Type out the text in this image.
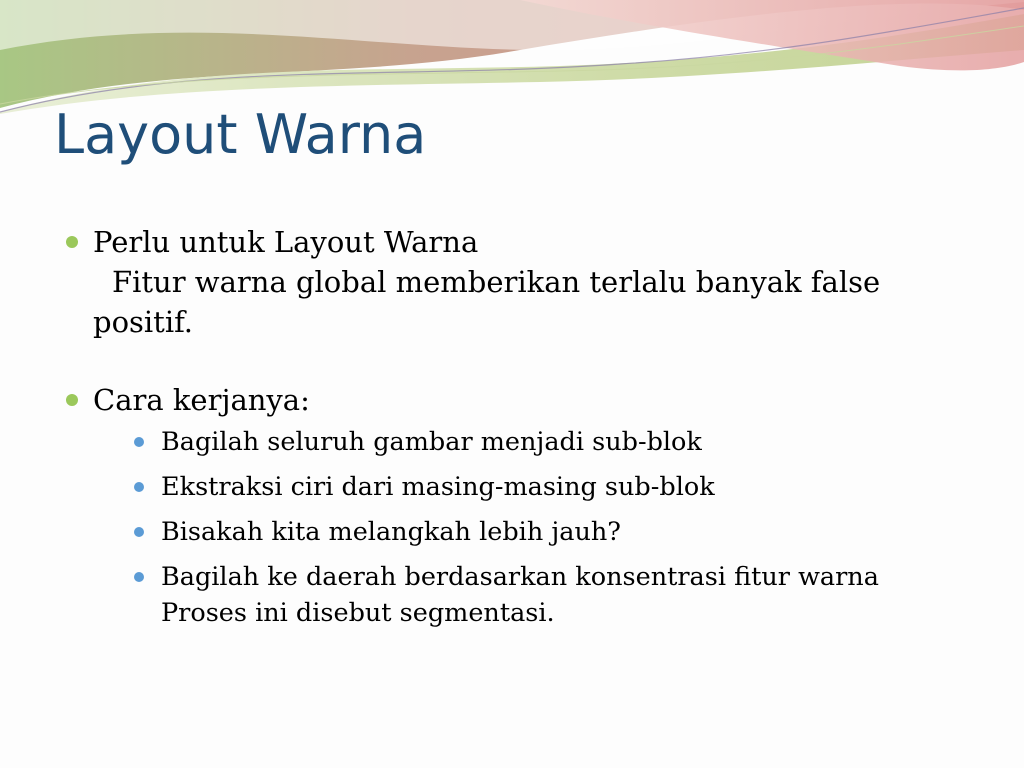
Layout Warna
Perlu untuk Layout Warna
Fitur warna global memberikan terlalu banyak false
positif.
Cara kerjanya:
Bagilah seluruh gambar menjadi sub-blok
Ekstraksi ciri dari masing-masing sub-blok
Bisakah kita melangkah lebih jauh?
Bagilah ke daerah berdasarkan konsentrasi fitur warna
Proses ini disebut segmentasi.
